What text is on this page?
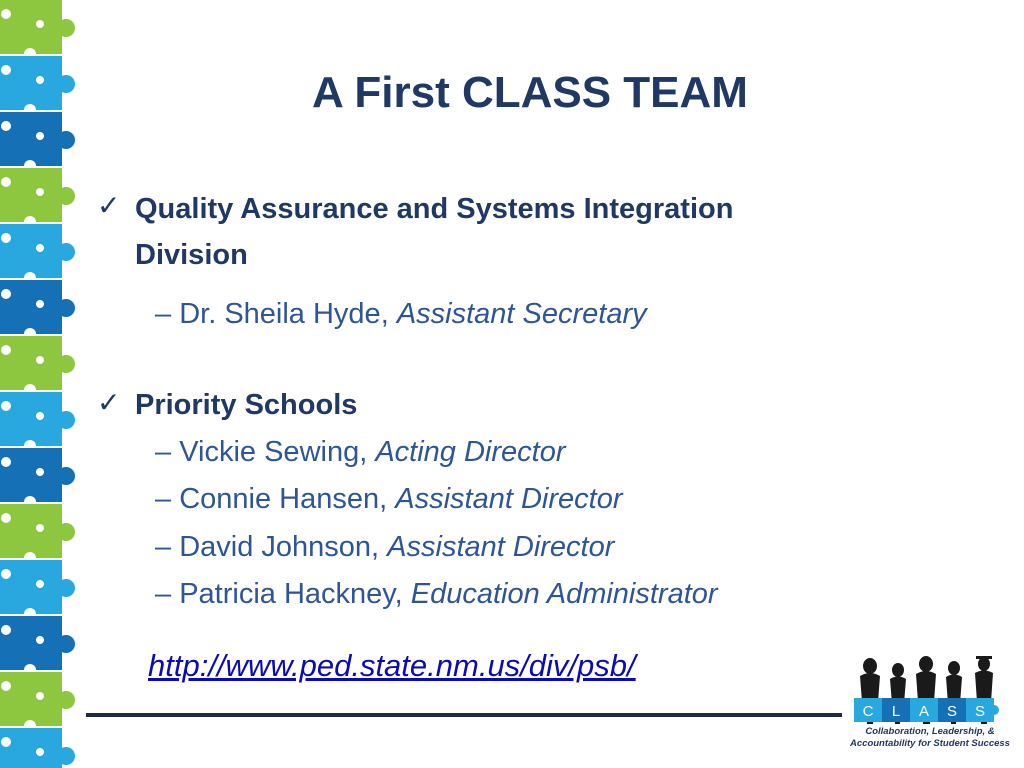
A First CLASS TEAM
✓ Quality Assurance and Systems Integration
Division
– Dr. Sheila Hyde, Assistant Secretary
✓ Priority Schools
– Vickie Sewing, Acting Director
– Connie Hansen, Assistant Director
– David Johnson, Assistant Director
– Patricia Hackney, Education Administrator
http://www.ped.state.nm.us/div/psb/
C L A S S
Collaboration, Leadership, &
Accountability for Student Success
